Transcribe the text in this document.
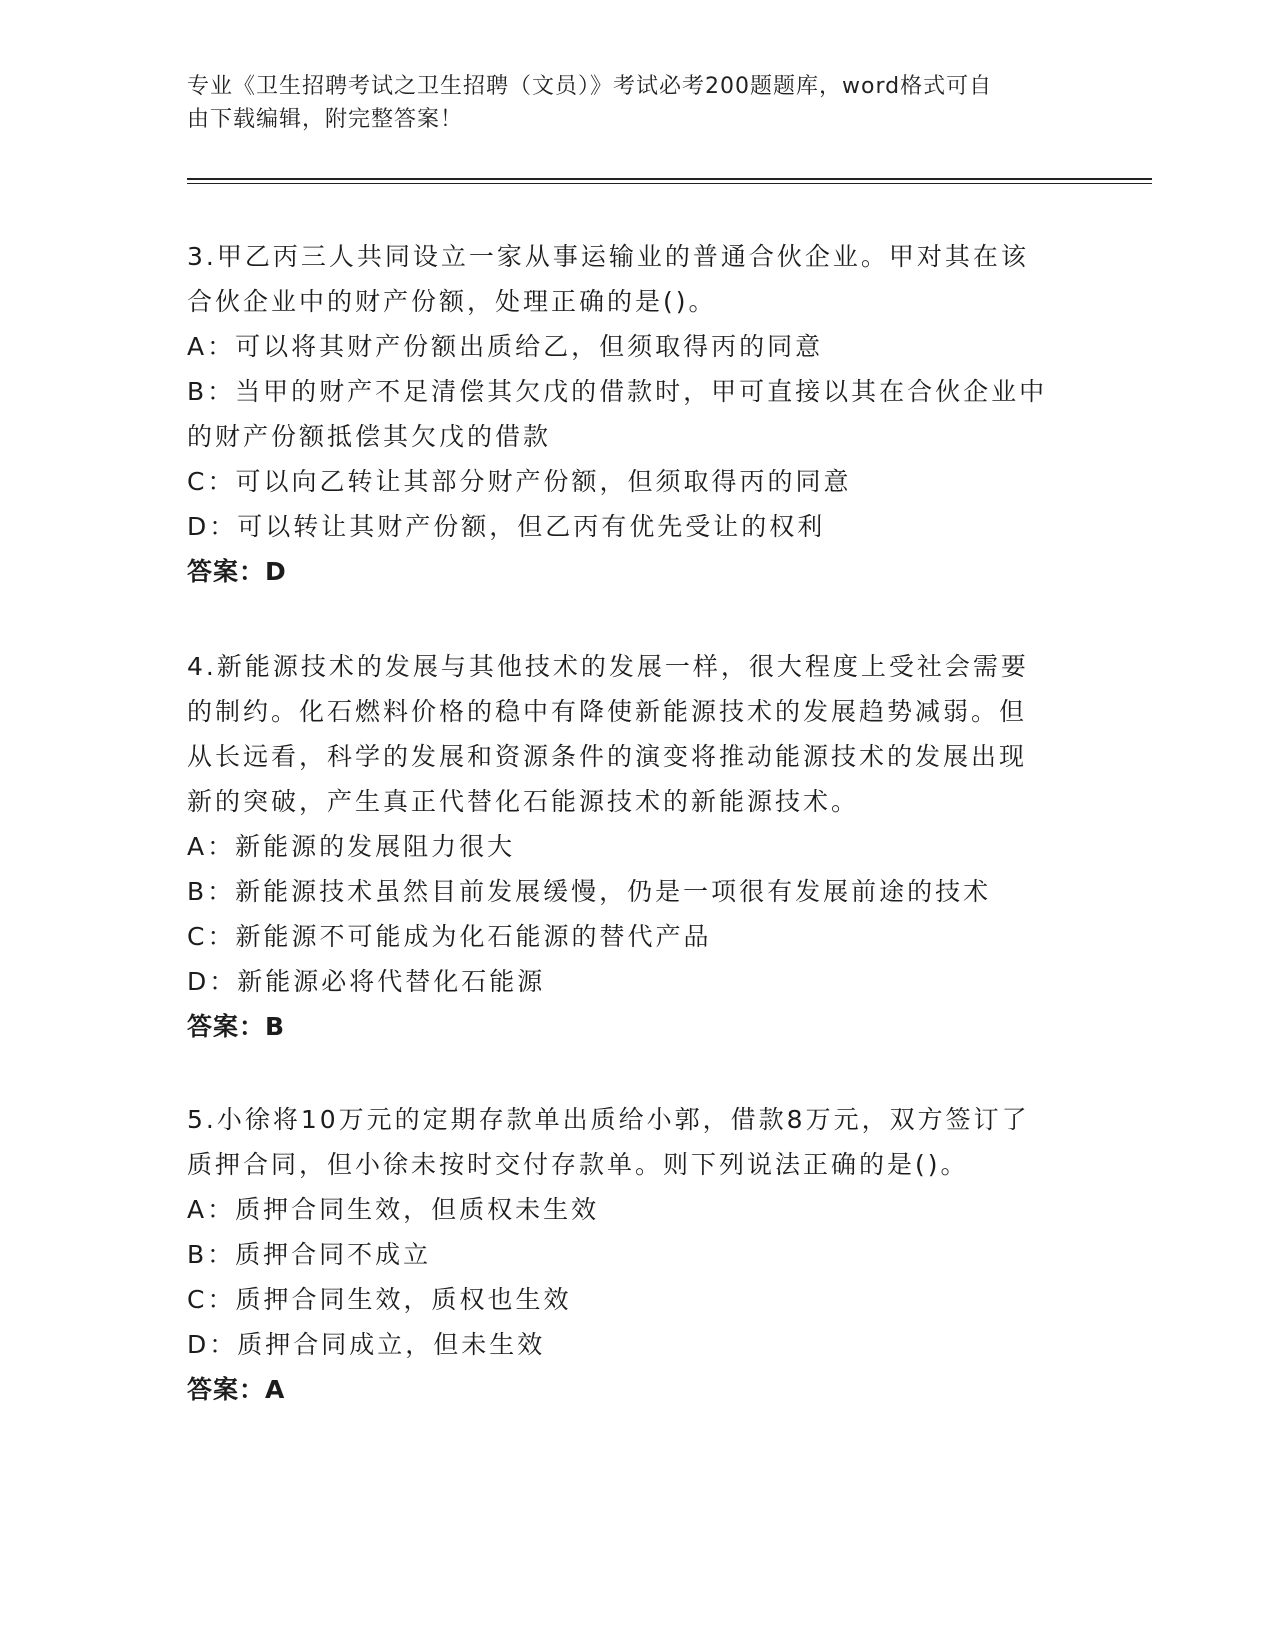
专业《卫生招聘考试之卫生招聘（文员）》考试必考200题题库，word格式可自
由下载编辑，附完整答案！

3.甲乙丙三人共同设立一家从事运输业的普通合伙企业。甲对其在该

合伙企业中的财产份额，处理正确的是()。

A：可以将其财产份额出质给乙，但须取得丙的同意

B：当甲的财产不足清偿其欠戊的借款时，甲可直接以其在合伙企业中

的财产份额抵偿其欠戊的借款

C：可以向乙转让其部分财产份额，但须取得丙的同意

D：可以转让其财产份额，但乙丙有优先受让的权利

答案：D

4.新能源技术的发展与其他技术的发展一样，很大程度上受社会需要

的制约。化石燃料价格的稳中有降使新能源技术的发展趋势减弱。但

从长远看，科学的发展和资源条件的演变将推动能源技术的发展出现

新的突破，产生真正代替化石能源技术的新能源技术。

A：新能源的发展阻力很大

B：新能源技术虽然目前发展缓慢，仍是一项很有发展前途的技术

C：新能源不可能成为化石能源的替代产品

D：新能源必将代替化石能源

答案：B

5.小徐将10万元的定期存款单出质给小郭，借款8万元，双方签订了

质押合同，但小徐未按时交付存款单。则下列说法正确的是()。

A：质押合同生效，但质权未生效

B：质押合同不成立

C：质押合同生效，质权也生效

D：质押合同成立，但未生效

答案：A
